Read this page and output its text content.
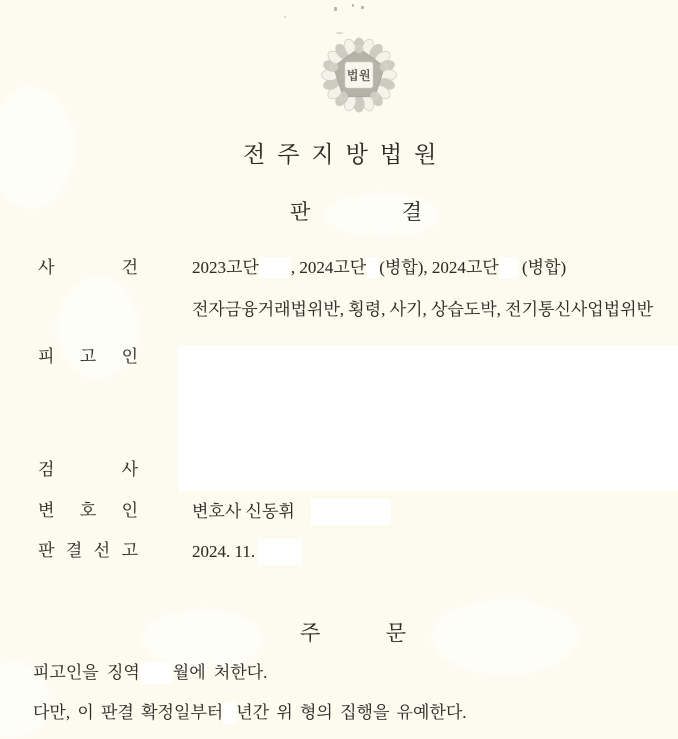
법원
전주지방법원
판 결
사 건	2023고단 , 2024고단 (병합), 2024고단 (병합)
전자금융거래법위반, 횡령, 사기, 상습도박, 전기통신사업법위반
피 고 인
검 사
변 호 인	변호사 신동휘
판 결 선 고	2024. 11.
주 문
피고인을 징역 월에 처한다.
다만, 이 판결 확정일부터 년간 위 형의 집행을 유예한다.
